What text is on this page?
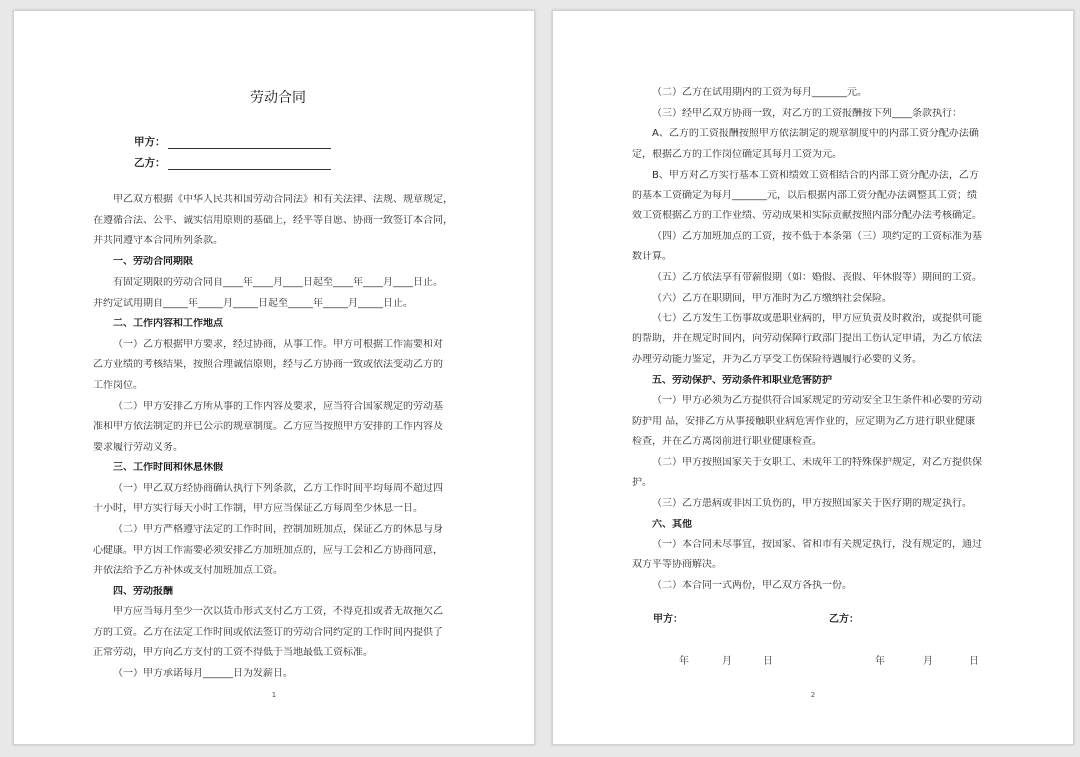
劳动合同
甲方：
乙方：
甲乙双方根据《中华人民共和国劳动合同法》和有关法律、法规、规章规定，
在遵循合法、公平、诚实信用原则的基础上，经平等自愿、协商一致签订本合同，
并共同遵守本合同所列条款。
一、劳动合同期限
有固定期限的劳动合同自____年____月____日起至____年____月____日止。
并约定试用期自_____年_____月_____日起至_____年_____月_____日止。
二、工作内容和工作地点
（一）乙方根据甲方要求，经过协商，从事工作。甲方可根据工作需要和对
乙方业绩的考核结果，按照合理诚信原则，经与乙方协商一致或依法变动乙方的
工作岗位。
（二）甲方安排乙方所从事的工作内容及要求，应当符合国家规定的劳动基
准和甲方依法制定的并已公示的规章制度。乙方应当按照甲方安排的工作内容及
要求履行劳动义务。
三、工作时间和休息休假
（一）甲乙双方经协商确认执行下列条款，乙方工作时间平均每周不超过四
十小时，甲方实行每天小时工作制，甲方应当保证乙方每周至少休息一日。
（二）甲方严格遵守法定的工作时间，控制加班加点，保证乙方的休息与身
心健康。甲方因工作需要必须安排乙方加班加点的，应与工会和乙方协商同意，
并依法给予乙方补休或支付加班加点工资。
四、劳动报酬
甲方应当每月至少一次以货币形式支付乙方工资，不得克扣或者无故拖欠乙
方的工资。乙方在法定工作时间或依法签订的劳动合同约定的工作时间内提供了
正常劳动，甲方向乙方支付的工资不得低于当地最低工资标准。
（一）甲方承诺每月______日为发薪日。
1
甲方：	乙方：
年	月	日	年	月	日
（二）乙方在试用期内的工资为每月_______元。
（三）经甲乙双方协商一致，对乙方的工资报酬按下列____条款执行：
A、乙方的工资报酬按照甲方依法制定的规章制度中的内部工资分配办法确
定，根据乙方的工作岗位确定其每月工资为元。
B、甲方对乙方实行基本工资和绩效工资相结合的内部工资分配办法，乙方
的基本工资确定为每月_______元，以后根据内部工资分配办法调整其工资；绩
效工资根据乙方的工作业绩、劳动成果和实际贡献按照内部分配办法考核确定。
（四）乙方加班加点的工资，按不低于本条第（三）项约定的工资标准为基
数计算。
（五）乙方依法享有带薪假期（如：婚假、丧假、年休假等）期间的工资。
（六）乙方在职期间，甲方准时为乙方缴纳社会保险。
（七）乙方发生工伤事故或患职业病的，甲方应负责及时救治，或提供可能
的帮助，并在规定时间内，向劳动保障行政部门提出工伤认定申请，为乙方依法
办理劳动能力鉴定，并为乙方享受工伤保险待遇履行必要的义务。
五、劳动保护、劳动条件和职业危害防护
（一）甲方必须为乙方提供符合国家规定的劳动安全卫生条件和必要的劳动
防护用 品，安排乙方从事接触职业病危害作业的，应定期为乙方进行职业健康
检查，并在乙方离岗前进行职业健康检查。
（二）甲方按照国家关于女职工、未成年工的特殊保护规定，对乙方提供保
护。
（三）乙方患病或非因工负伤的，甲方按照国家关于医疗期的规定执行。
六、其他
（一）本合同未尽事宜，按国家、省和市有关规定执行，没有规定的，通过
双方平等协商解决。
（二）本合同一式两份，甲乙双方各执一份。
2
